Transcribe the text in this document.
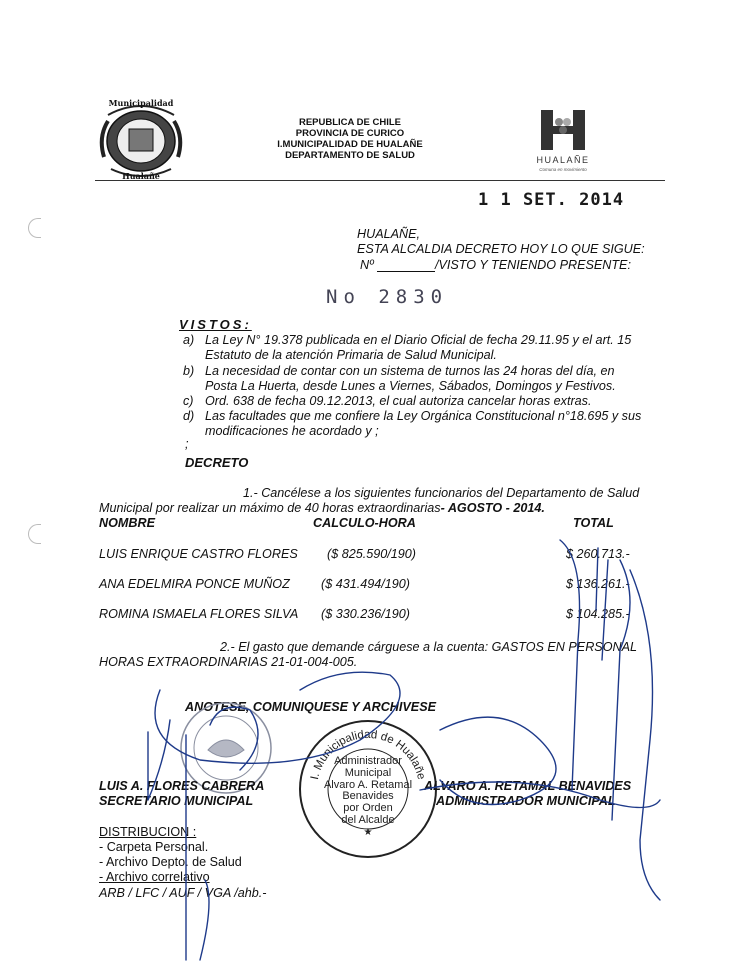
Municipalidad
Hualañe
REPUBLICA DE CHILE
PROVINCIA DE CURICO
I.MUNICIPALIDAD DE HUALAÑE
DEPARTAMENTO DE SALUD	HUALAÑE
Comuna en movimiento
1 1 SET. 2014
HUALAÑE,
ESTA ALCALDIA DECRETO HOY LO QUE SIGUE:
Nº	/VISTO Y TENIENDO PRESENTE:
No 2830
VISTOS:
a) La Ley N° 19.378 publicada en el Diario Oficial de fecha 29.11.95 y el art. 15
Estatuto de la atención Primaria de Salud Municipal.
b) La necesidad de contar con un sistema de turnos las 24 horas del día, en
Posta La Huerta, desde Lunes a Viernes, Sábados, Domingos y Festivos.
c) Ord. 638 de fecha 09.12.2013, el cual autoriza cancelar horas extras.
d) Las facultades que me confiere la Ley Orgánica Constitucional n°18.695 y sus
modificaciones he acordado y ;
;
DECRETO
1.- Cancélese a los siguientes funcionarios del Departamento de Salud
Municipal por realizar un máximo de 40 horas extraordinarias- AGOSTO - 2014.
NOMBRE	CALCULO-HORA	TOTAL
LUIS ENRIQUE CASTRO FLORES ($ 825.590/190)	$ 260.713.-
ANA EDELMIRA PONCE MUÑOZ ($ 431.494/190)	$ 136.261.-
ROMINA ISMAELA FLORES SILVA ($ 330.236/190)	$ 104.285.-
2.- El gasto que demande cárguese a la cuenta: GASTOS EN PERSONAL
HORAS EXTRAORDINARIAS 21-01-004-005.
ANOTESE, COMUNIQUESE Y ARCHIVESE
I. Municipalidad de Hualañe
Administrador
Municipal
Alvaro A. Retamal
Benavides
por Orden
del Alcalde
★
LUIS A. FLORES CABRERA
SECRETARIO MUNICIPAL
ALVARO A. RETAMAL BENAVIDES
ADMINISTRADOR MUNICIPAL
DISTRIBUCION :
- Carpeta Personal.
- Archivo Depto. de Salud
- Archivo correlativo
ARB / LFC / AUF / VGA /ahb.-
